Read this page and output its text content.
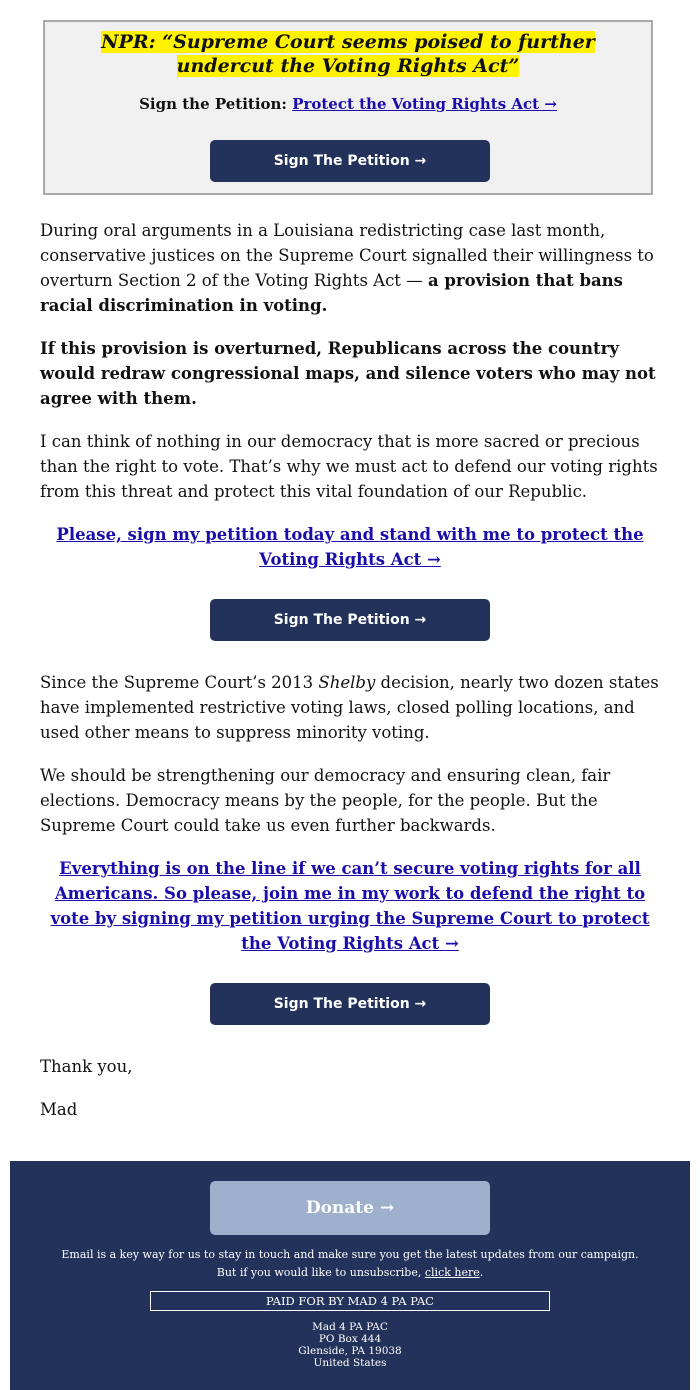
NPR: “Supreme Court seems poised to further undercut the Voting Rights Act”
Sign the Petition: Protect the Voting Rights Act →
Sign The Petition →

During oral arguments in a Louisiana redistricting case last month, conservative justices on the Supreme Court signalled their willingness to overturn Section 2 of the Voting Rights Act — a provision that bans racial discrimination in voting.

If this provision is overturned, Republicans across the country would redraw congressional maps, and silence voters who may not agree with them.

I can think of nothing in our democracy that is more sacred or precious than the right to vote. That’s why we must act to defend our voting rights from this threat and protect this vital foundation of our Republic.

Please, sign my petition today and stand with me to protect the Voting Rights Act →
Sign The Petition →

Since the Supreme Court’s 2013 Shelby decision, nearly two dozen states have implemented restrictive voting laws, closed polling locations, and used other means to suppress minority voting.

We should be strengthening our democracy and ensuring clean, fair elections. Democracy means by the people, for the people. But the Supreme Court could take us even further backwards.

Everything is on the line if we can’t secure voting rights for all Americans. So please, join me in my work to defend the right to vote by signing my petition urging the Supreme Court to protect the Voting Rights Act →
Sign The Petition →

Thank you,

Mad

Donate →
Email is a key way for us to stay in touch and make sure you get the latest updates from our campaign. But if you would like to unsubscribe, click here.
PAID FOR BY MAD 4 PA PAC
Mad 4 PA PAC
PO Box 444
Glenside, PA 19038
United States
